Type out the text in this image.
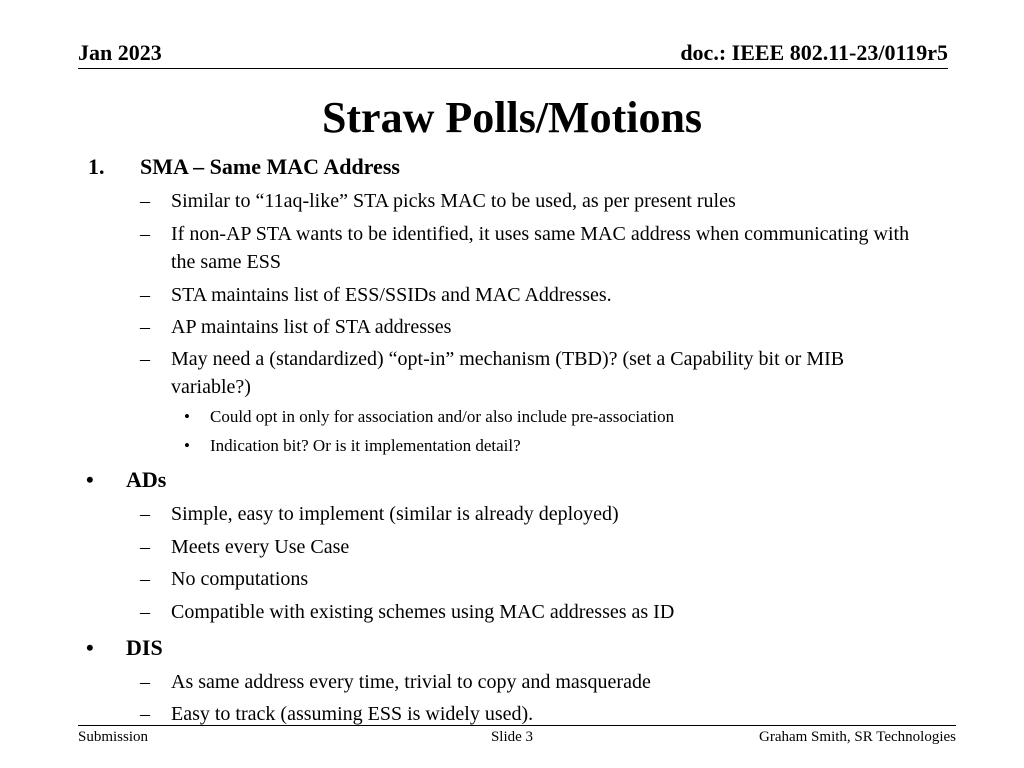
Jan 2023	doc.: IEEE 802.11-23/0119r5
Straw Polls/Motions
1. SMA – Same MAC Address
– Similar to “11aq-like” STA picks MAC to be used, as per present rules
– If non-AP STA wants to be identified, it uses same MAC address when communicating with the same ESS
– STA maintains list of ESS/SSIDs and MAC Addresses.
– AP maintains list of STA addresses
– May need a (standardized) “opt-in” mechanism (TBD)? (set a Capability bit or MIB variable?)
• Could opt in only for association and/or also include pre-association
• Indication bit? Or is it implementation detail?
• ADs
– Simple, easy to implement (similar is already deployed)
– Meets every Use Case
– No computations
– Compatible with existing schemes using MAC addresses as ID
• DIS
– As same address every time, trivial to copy and masquerade
– Easy to track (assuming ESS is widely used).
Submission	Slide 3	Graham Smith, SR Technologies
